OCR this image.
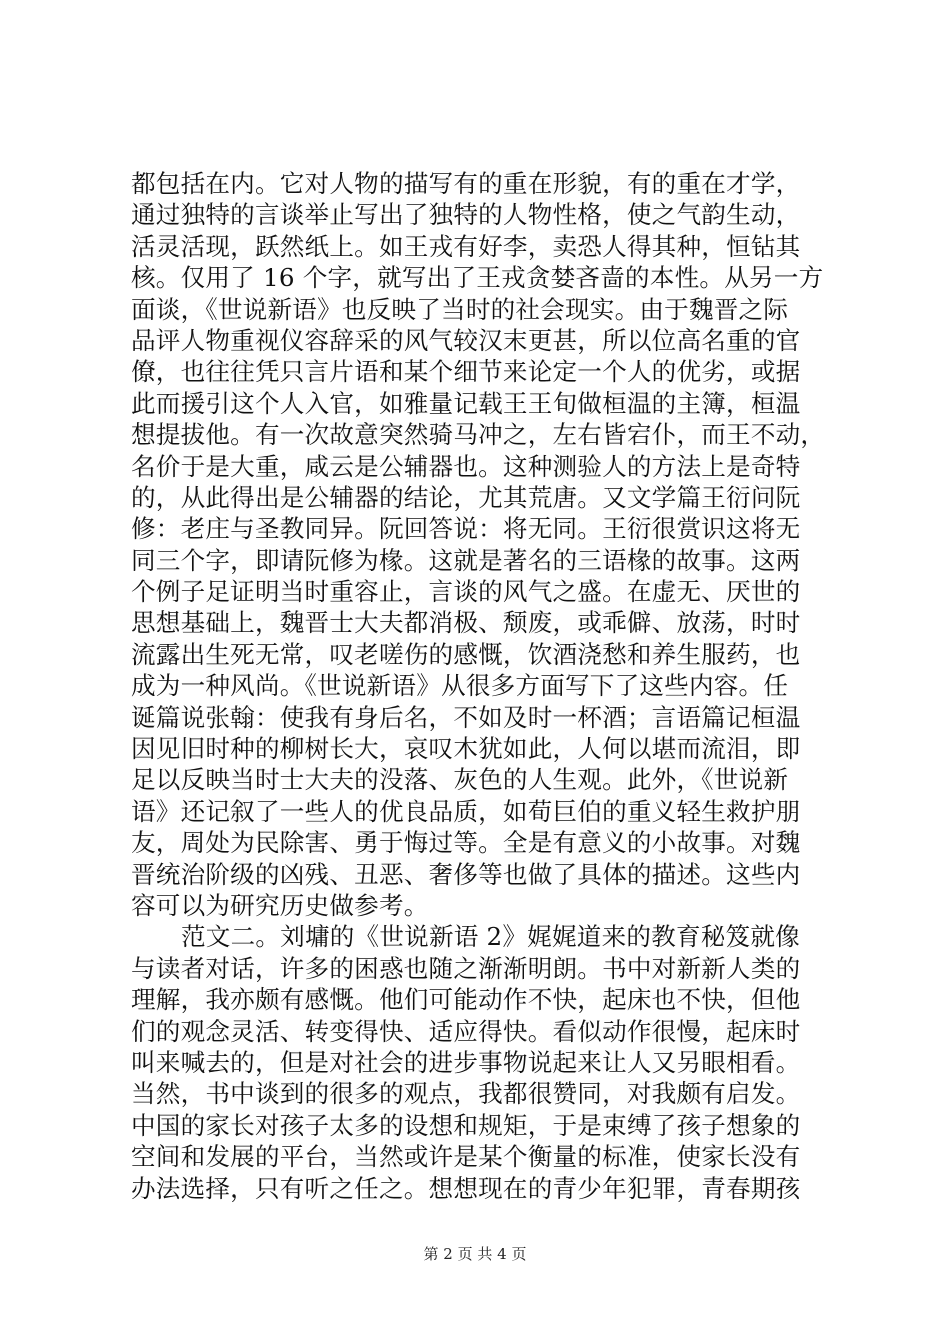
都包括在内。它对人物的描写有的重在形貌，有的重在才学，
通过独特的言谈举止写出了独特的人物性格，使之气韵生动，
活灵活现，跃然纸上。如王戎有好李，卖恐人得其种，恒钻其
核。仅用了 16 个字，就写出了王戎贪婪吝啬的本性。从另一方
面谈，《世说新语》也反映了当时的社会现实。由于魏晋之际
品评人物重视仪容辞采的风气较汉末更甚，所以位高名重的官
僚，也往往凭只言片语和某个细节来论定一个人的优劣，或据
此而援引这个人入官，如雅量记载王王旬做桓温的主簿，桓温
想提拔他。有一次故意突然骑马冲之，左右皆宕仆，而王不动，
名价于是大重，咸云是公辅器也。这种测验人的方法上是奇特
的，从此得出是公辅器的结论，尤其荒唐。又文学篇王衍问阮
修：老庄与圣教同异。阮回答说：将无同。王衍很赏识这将无
同三个字，即请阮修为椽。这就是著名的三语椽的故事。这两
个例子足证明当时重容止，言谈的风气之盛。在虚无、厌世的
思想基础上，魏晋士大夫都消极、颓废，或乖僻、放荡，时时
流露出生死无常，叹老嗟伤的感慨，饮酒浇愁和养生服药，也
成为一种风尚。《世说新语》从很多方面写下了这些内容。任
诞篇说张翰：使我有身后名，不如及时一杯酒；言语篇记桓温
因见旧时种的柳树长大，哀叹木犹如此，人何以堪而流泪，即
足以反映当时士大夫的没落、灰色的人生观。此外，《世说新
语》还记叙了一些人的优良品质，如荀巨伯的重义轻生救护朋
友，周处为民除害、勇于悔过等。全是有意义的小故事。对魏
晋统治阶级的凶残、丑恶、奢侈等也做了具体的描述。这些内
容可以为研究历史做参考。
范文二。刘墉的《世说新语 2》娓娓道来的教育秘笈就像
与读者对话，许多的困惑也随之渐渐明朗。书中对新新人类的
理解，我亦颇有感慨。他们可能动作不快，起床也不快，但他
们的观念灵活、转变得快、适应得快。看似动作很慢，起床时
叫来喊去的，但是对社会的进步事物说起来让人又另眼相看。
当然，书中谈到的很多的观点，我都很赞同，对我颇有启发。
中国的家长对孩子太多的设想和规矩，于是束缚了孩子想象的
空间和发展的平台，当然或许是某个衡量的标准，使家长没有
办法选择，只有听之任之。想想现在的青少年犯罪，青春期孩
第 2 页 共 4 页
